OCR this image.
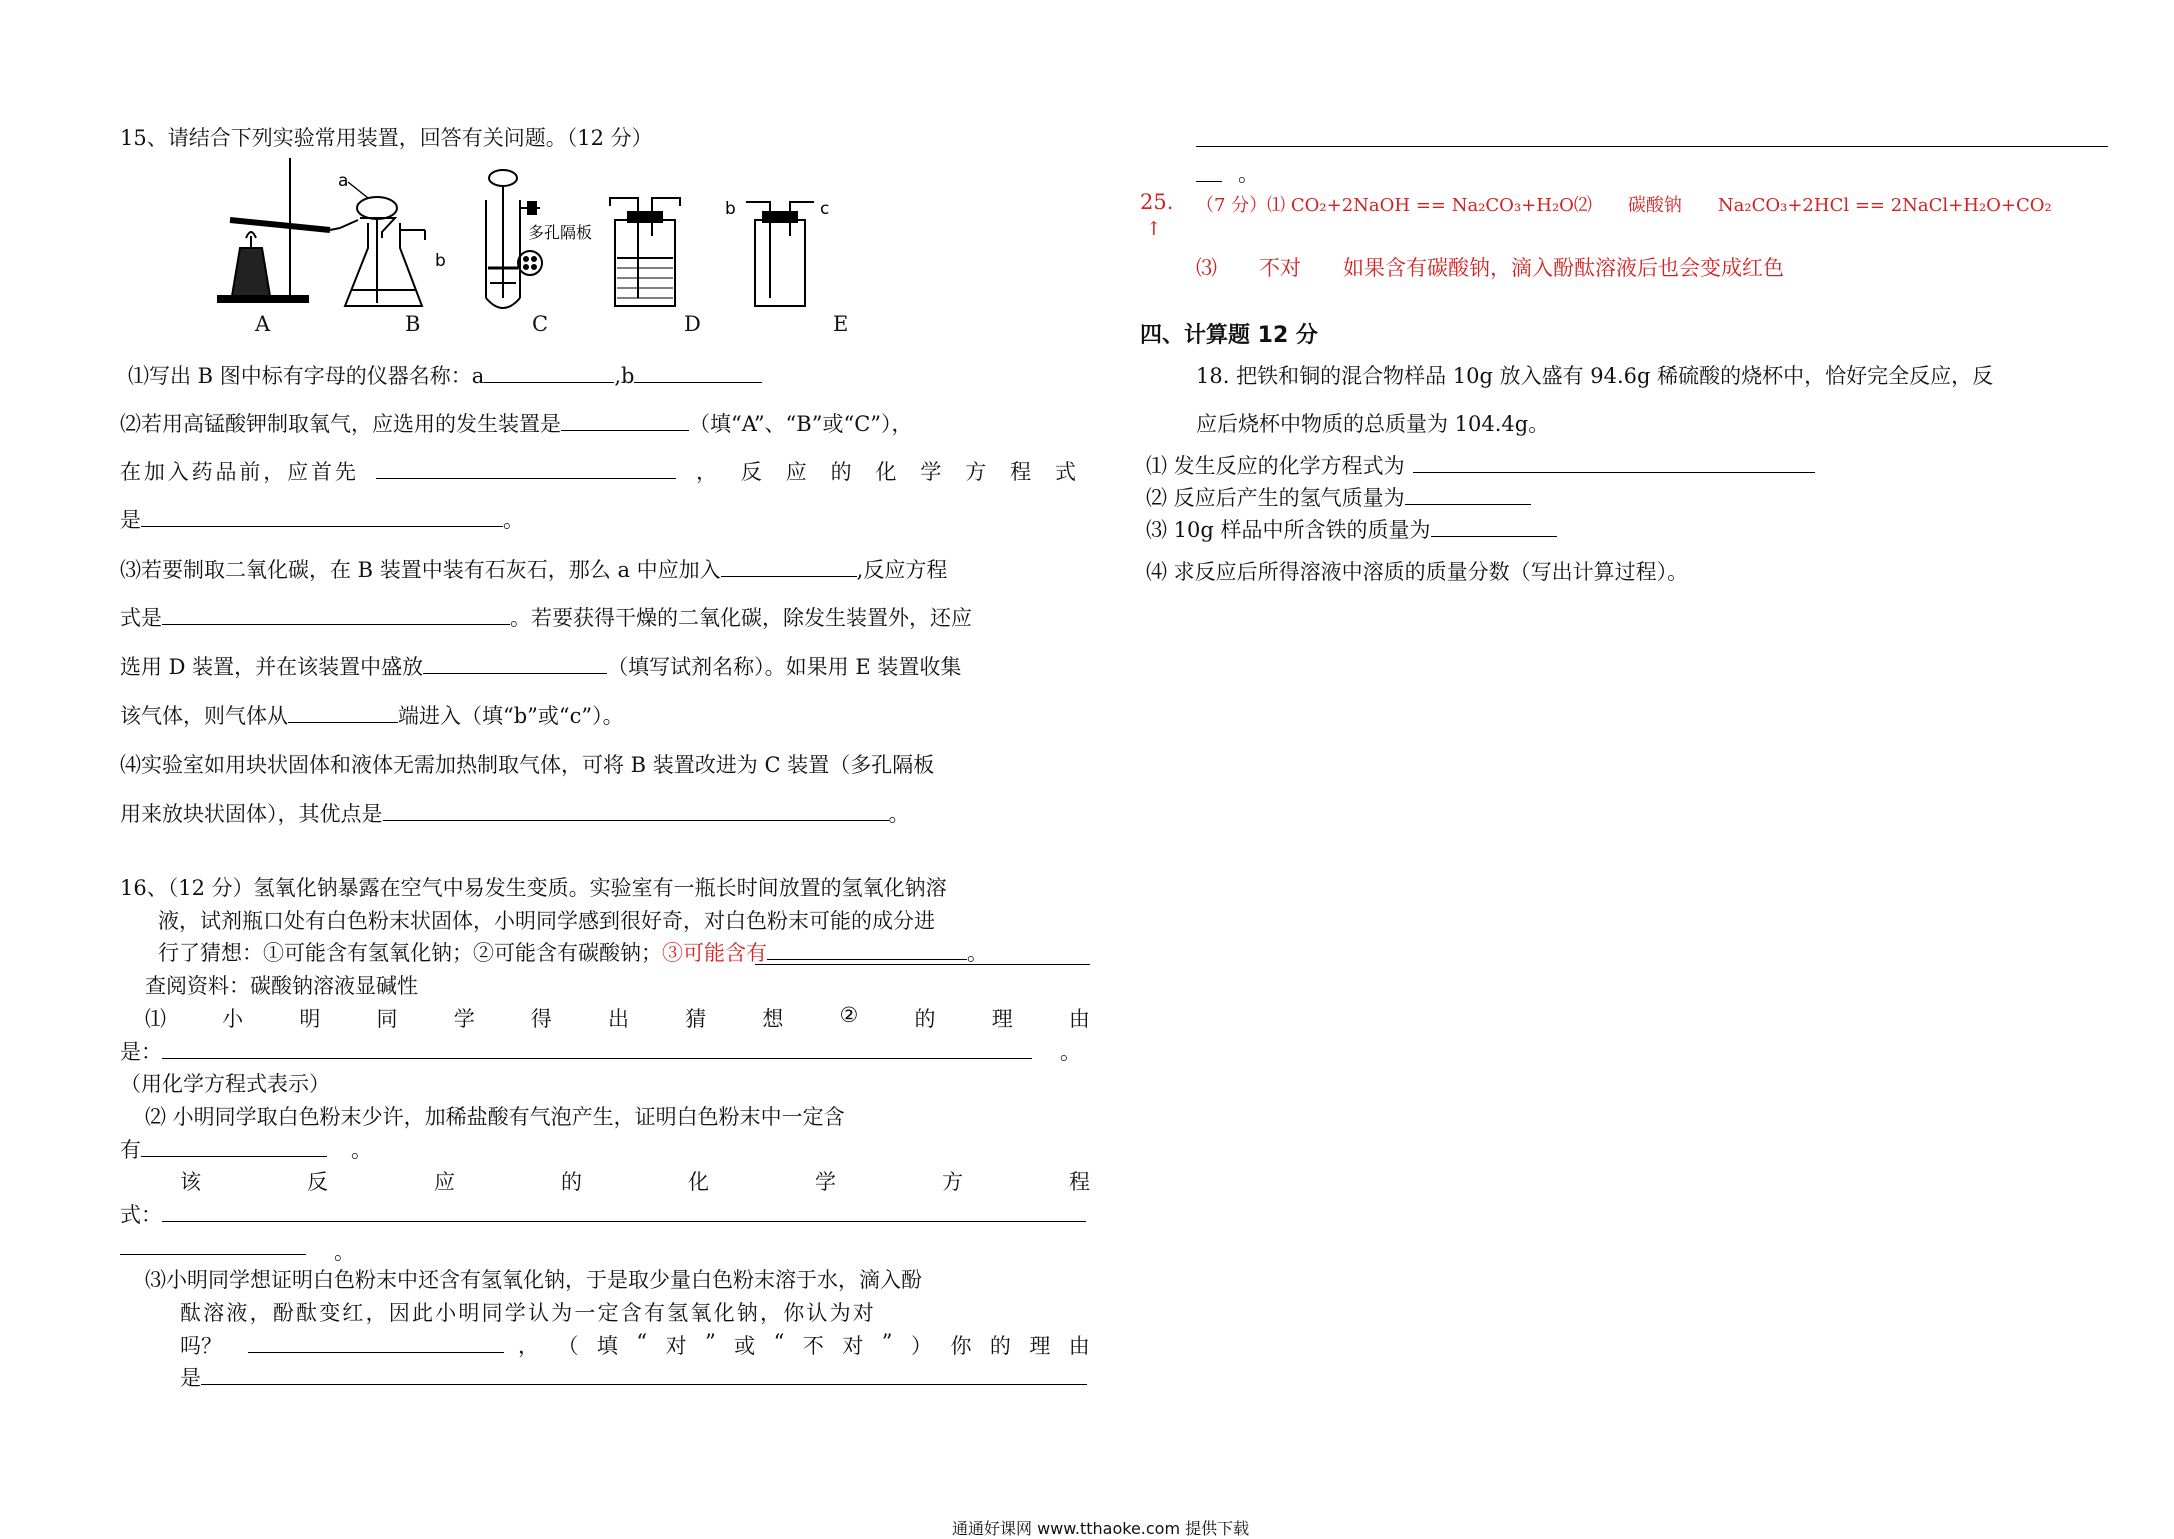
15、请结合下列实验常用装置，回答有关问题。（12 分）
a
b
多孔隔板
b	c
A	B	C	D	E
⑴写出 B 图中标有字母的仪器名称：a	,b
⑵若用高锰酸钾制取氧气，应选用的发生装置是	（填“A”、“B”或“C”），
在 加 入 药 品 前 ， 应 首 先	， 反 应 的 化 学 方 程 式
是	。
⑶若要制取二氧化碳，在 B 装置中装有石灰石，那么 a 中应加入	,反应方程
式是	。若要获得干燥的二氧化碳，除发生装置外，还应
选用 D 装置，并在该装置中盛放	（填写试剂名称）。如果用 E 装置收集
该气体，则气体从	端进入（填“b”或“c”）。
⑷实验室如用块状固体和液体无需加热制取气体，可将 B 装置改进为 C 装置（多孔隔板
用来放块状固体），其优点是	。
16、（12 分）氢氧化钠暴露在空气中易发生变质。实验室有一瓶长时间放置的氢氧化钠溶
液，试剂瓶口处有白色粉末状固体，小明同学感到很好奇，对白色粉末可能的成分进
行了猜想：①可能含有氢氧化钠；②可能含有碳酸钠；③可能含有	。
查阅资料：碳酸钠溶液显碱性
⑴	小	明	同	学	得	出	猜	想	②	的	理	由
是：	。
（用化学方程式表示）
⑵ 小明同学取白色粉末少许，加稀盐酸有气泡产生，证明白色粉末中一定含
有	。
该	反	应	的	化	学	方	程
式：
。
⑶小明同学想证明白色粉末中还含有氢氧化钠，于是取少量白色粉末溶于水，滴入酚
酞溶液，酚酞变红，因此小明同学认为一定含有氢氧化钠，你认为对
吗？	， （ 填 “ 对 ” 或 “ 不 对 ” ） 你 的 理 由
是
。
25. （7 分）⑴ CO₂+2NaOH == Na₂CO₃+H₂O⑵　　碳酸钠　　Na₂CO₃+2HCl == 2NaCl+H₂O+CO₂
↑
⑶　　不对　　如果含有碳酸钠，滴入酚酞溶液后也会变成红色
四、计算题 12 分
18. 把铁和铜的混合物样品 10g 放入盛有 94.6g 稀硫酸的烧杯中，恰好完全反应，反
应后烧杯中物质的总质量为 104.4g。
⑴ 发生反应的化学方程式为
⑵ 反应后产生的氢气质量为
⑶ 10g 样品中所含铁的质量为
⑷ 求反应后所得溶液中溶质的质量分数（写出计算过程）。
通通好课网 www.tthaoke.com 提供下载
